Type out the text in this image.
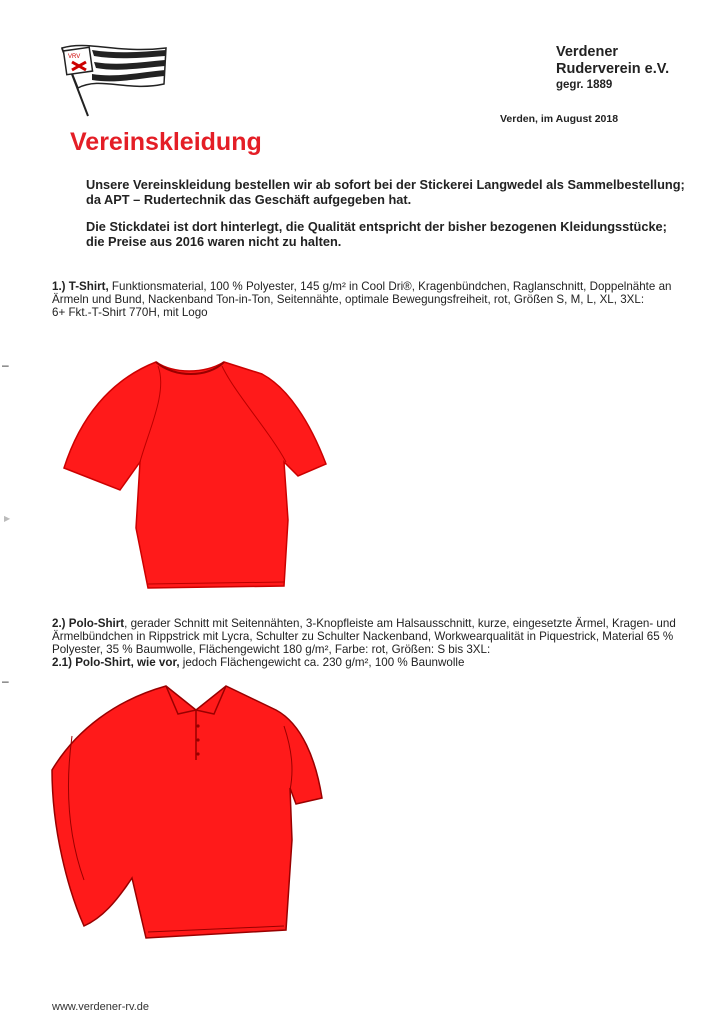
VRV	Verdener
Ruderverein e.V.
gegr. 1889
Verden, im August 2018
Vereinskleidung

Unsere Vereinskleidung bestellen wir ab sofort bei der Stickerei Langwedel als Sammelbestellung; da APT – Rudertechnik das Geschäft aufgegeben hat.

Die Stickdatei ist dort hinterlegt, die Qualität entspricht der bisher bezogenen Kleidungsstücke; die Preise aus 2016 waren nicht zu halten.

1.) T-Shirt, Funktionsmaterial, 100 % Polyester, 145 g/m² in Cool Dri®, Kragenbündchen, Raglanschnitt, Doppelnähte an Ärmeln und Bund, Nackenband Ton-in-Ton, Seitennähte, optimale Bewegungsfreiheit, rot, Größen S, M, L, XL, 3XL:
6+ Fkt.-T-Shirt 770H, mit Logo

–
▶

2.) Polo-Shirt, gerader Schnitt mit Seitennähten, 3-Knopfleiste am Halsausschnitt, kurze, eingesetzte Ärmel, Kragen- und Ärmelbündchen in Rippstrick mit Lycra, Schulter zu Schulter Nackenband, Workwearqualität in Piquestrick, Material 65 % Polyester, 35 % Baumwolle, Flächengewicht 180 g/m², Farbe: rot, Größen: S bis 3XL:
2.1) Polo-Shirt, wie vor, jedoch Flächengewicht ca. 230 g/m², 100 % Baunwolle

–
www.verdener-rv.de
